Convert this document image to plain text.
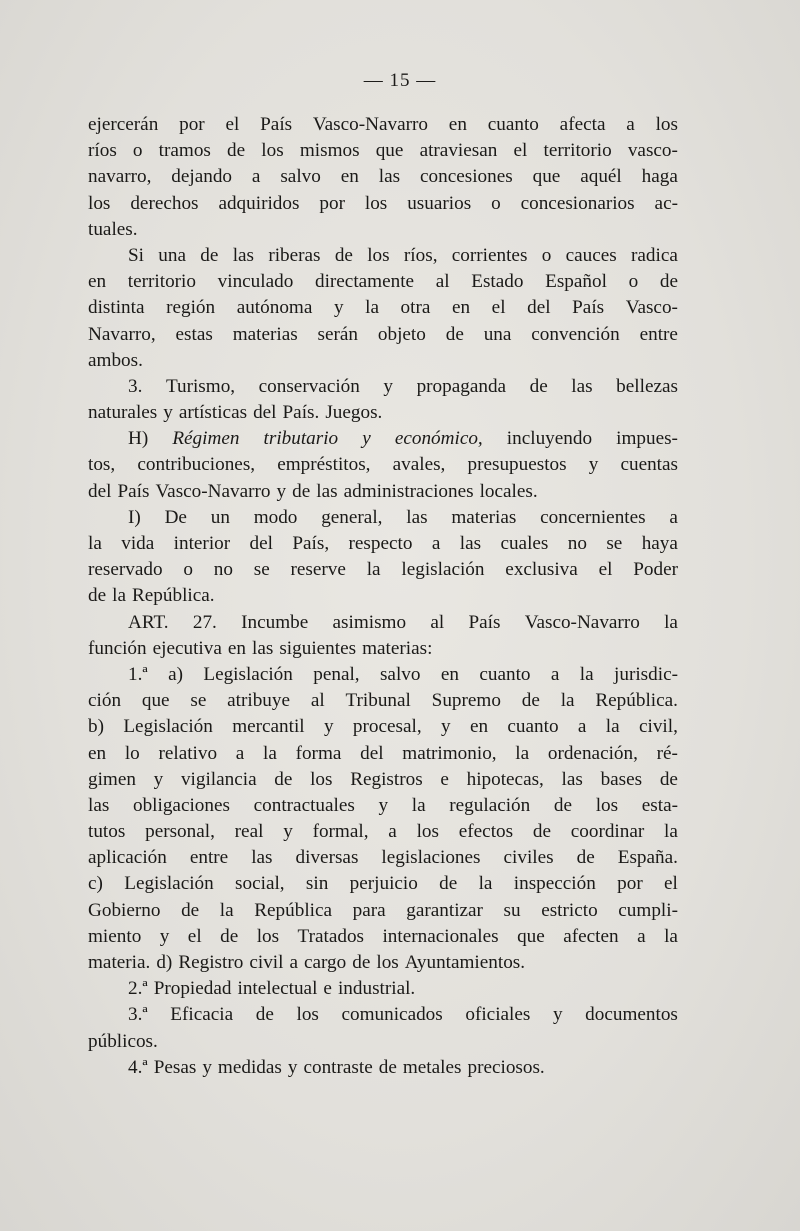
— 15 —
ejercerán por el País Vasco-Navarro en cuanto afecta a los
ríos o tramos de los mismos que atraviesan el territorio vasco-
navarro, dejando a salvo en las concesiones que aquél haga
los derechos adquiridos por los usuarios o concesionarios ac-
tuales.
Si una de las riberas de los ríos, corrientes o cauces radica
en territorio vinculado directamente al Estado Español o de
distinta región autónoma y la otra en el del País Vasco-
Navarro, estas materias serán objeto de una convención entre
ambos.
3. Turismo, conservación y propaganda de las bellezas
naturales y artísticas del País. Juegos.
H) Régimen tributario y económico, incluyendo impues-
tos, contribuciones, empréstitos, avales, presupuestos y cuentas
del País Vasco-Navarro y de las administraciones locales.
I) De un modo general, las materias concernientes a
la vida interior del País, respecto a las cuales no se haya
reservado o no se reserve la legislación exclusiva el Poder
de la República.
ART. 27. Incumbe asimismo al País Vasco-Navarro la
función ejecutiva en las siguientes materias:
1.ª a) Legislación penal, salvo en cuanto a la jurisdic-
ción que se atribuye al Tribunal Supremo de la República.
b) Legislación mercantil y procesal, y en cuanto a la civil,
en lo relativo a la forma del matrimonio, la ordenación, ré-
gimen y vigilancia de los Registros e hipotecas, las bases de
las obligaciones contractuales y la regulación de los esta-
tutos personal, real y formal, a los efectos de coordinar la
aplicación entre las diversas legislaciones civiles de España.
c) Legislación social, sin perjuicio de la inspección por el
Gobierno de la República para garantizar su estricto cumpli-
miento y el de los Tratados internacionales que afecten a la
materia. d) Registro civil a cargo de los Ayuntamientos.
2.ª Propiedad intelectual e industrial.
3.ª Eficacia de los comunicados oficiales y documentos
públicos.
4.ª Pesas y medidas y contraste de metales preciosos.
